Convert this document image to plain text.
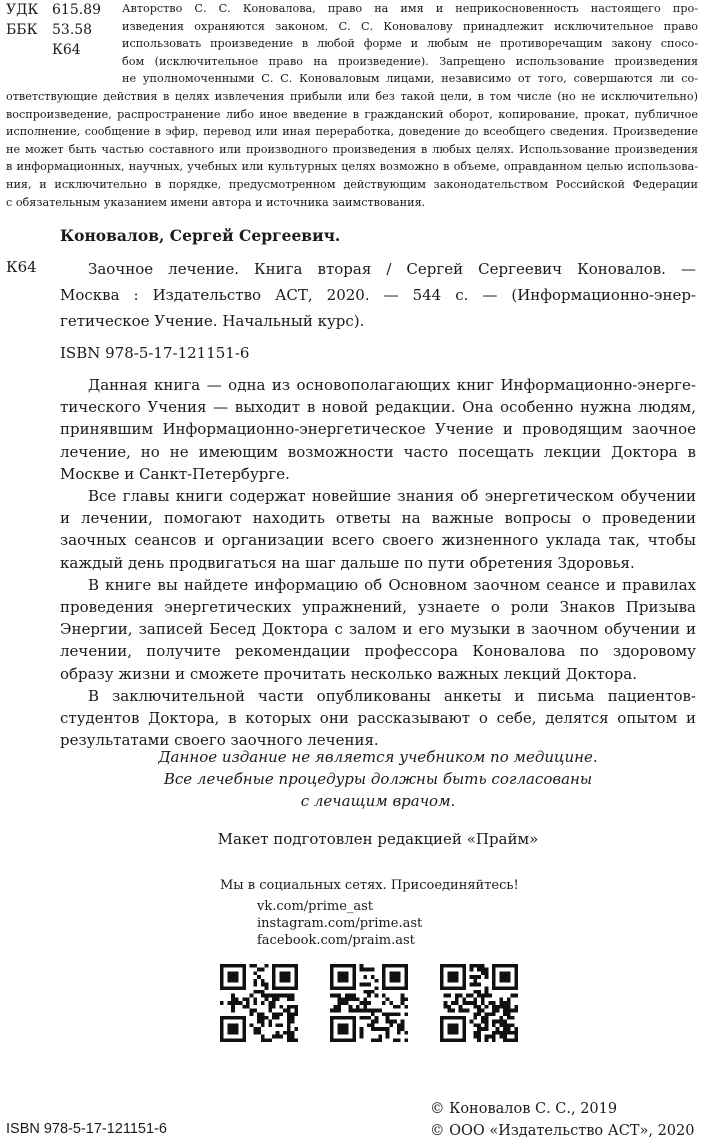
УДК 615.89
ББК	53.58
К64
Авторство С. С. Коновалова, право на имя и неприкосновенность настоящего про-
изведения охраняются законом. С. С. Коновалову принадлежит исключительное право
использовать произведение в любой форме и любым не противоречащим закону спосо-
бом (исключительное право на произведение). Запрещено использование произведения
не уполномоченными С. С. Коноваловым лицами, независимо от того, совершаются ли со-
ответствующие действия в целях извлечения прибыли или без такой цели, в том числе (но не исключительно)
воспроизведение, распространение либо иное введение в гражданский оборот, копирование, прокат, публичное
исполнение, сообщение в эфир, перевод или иная переработка, доведение до всеобщего сведения. Произведение
не может быть частью составного или производного произведения в любых целях. Использование произведения
в информационных, научных, учебных или культурных целях возможно в объеме, оправданном целью использова-
ния, и исключительно в порядке, предусмотренном действующим законодательством Российской Федерации
с обязательным указанием имени автора и источника заимствования.
Коновалов, Сергей Сергеевич.
К64	Заочное лечение. Книга вторая / Сергей Сергеевич Коновалов. —
Москва : Издательство АСТ, 2020. — 544 с. — (Информационно-энер-
гетическое Учение. Начальный курс).
ISBN 978-5-17-121151-6

Данная книга — одна из основополагающих книг Информационно-энергетического Учения — выходит в новой редакции. Она особенно нужна людям, принявшим Информационно-энергетическое Учение и проводящим заочное лечение, но не имеющим возможности часто посещать лекции Доктора в Москве и Санкт-Петербурге.

Все главы книги содержат новейшие знания об энергетическом обучении и лечении, помогают находить ответы на важные вопросы о проведении заочных сеансов и организации всего своего жизненного уклада так, чтобы каждый день продвигаться на шаг дальше по пути обретения Здоровья.

В книге вы найдете информацию об Основном заочном сеансе и правилах проведения энергетических упражнений, узнаете о роли Знаков Призыва Энергии, записей Бесед Доктора с залом и его музыки в заочном обучении и лечении, получите рекомендации профессора Коновалова по здоровому образу жизни и сможете прочитать несколько важных лекций Доктора.

В заключительной части опубликованы анкеты и письма пациентов-студентов Доктора, в которых они рассказывают о себе, делятся опытом и результатами своего заочного лечения.

Данное издание не является учебником по медицине.
Все лечебные процедуры должны быть согласованы
с лечащим врачом.
Макет подготовлен редакцией «Прайм»
Мы в социальных сетях. Присоединяйтесь!
vk.com/prime_ast
instagram.com/prime.ast
facebook.com/praim.ast
ISBN 978-5-17-121151-6
© Коновалов С. С., 2019
© ООО «Издательство АСТ», 2020
